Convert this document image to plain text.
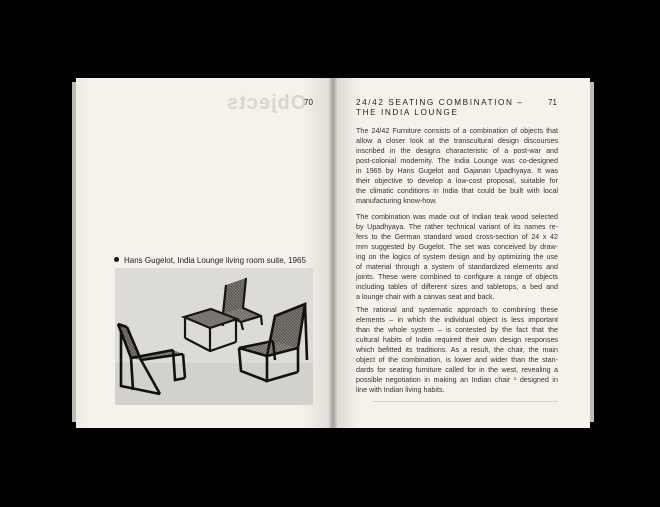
Objects
70
Hans Gugelot, India Lounge living room suite, 1965
24/42 SEATING COMBINATION –
THE INDIA LOUNGE
71
The 24/42 Furniture consists of a combination of objects that
allow a closer look at the transcultural design discourses
inscribed in the designs characteristic of a post-war and
post-colonial modernity. The India Lounge was co-designed
in 1965 by Hans Gugelot and Gajanan Upadhyaya. It was
their objective to develop a low-cost proposal, suitable for
the climatic conditions in India that could be built with local
manufacturing know-how.
The combination was made out of Indian teak wood selected
by Upadhyaya. The rather technical variant of its names re-
fers to the German standard wood cross-section of 24 x 42
mm suggested by Gugelot. The set was conceived by draw-
ing on the logics of system design and by optimizing the use
of material through a system of standardized elements and
joints. These were combined to configure a range of objects
including tables of different sizes and tabletops, a bed and
a lounge chair with a canvas seat and back.
The rational and systematic approach to combining these
elements – in which the individual object is less important
than the whole system – is contested by the fact that the
cultural habits of India required their own design responses
which befitted its traditions. As a result, the chair, the main
object of the combination, is lower and wider than the stan-
dards for seating furniture called for in the west, revealing a
possible negotiation in making an Indian chair ¹ designed in
line with Indian living habits.
